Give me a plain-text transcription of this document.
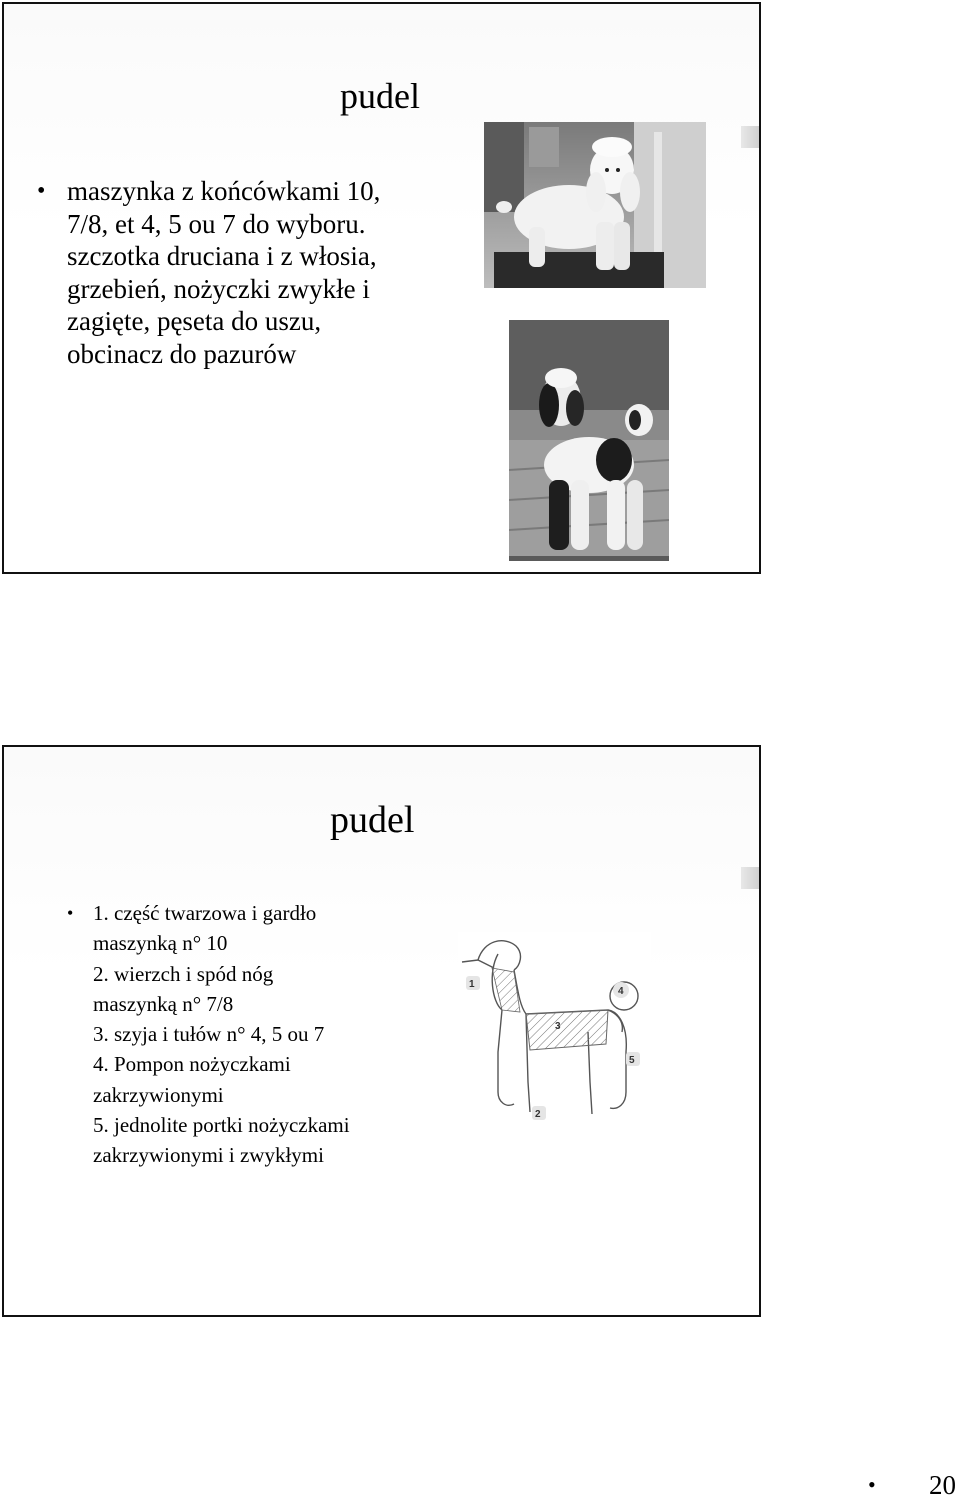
pudel
• maszynka z końcówkami 10, 7/8, et 4, 5 ou 7 do wyboru. szczotka druciana i z włosia, grzebień, nożyczki zwykłe i zagięte, pęseta do uszu, obcinacz do pazurów
pudel
• 1. część twarzowa i gardło
maszynką n° 10
2. wierzch i spód nóg
maszynką n° 7/8
3. szyja i tułów n° 4, 5 ou 7
4. Pompon nożyczkami
zakrzywionymi
5. jednolite portki nożyczkami
zakrzywionymi i zwykłymi
1
2
3
4
5
• 20
